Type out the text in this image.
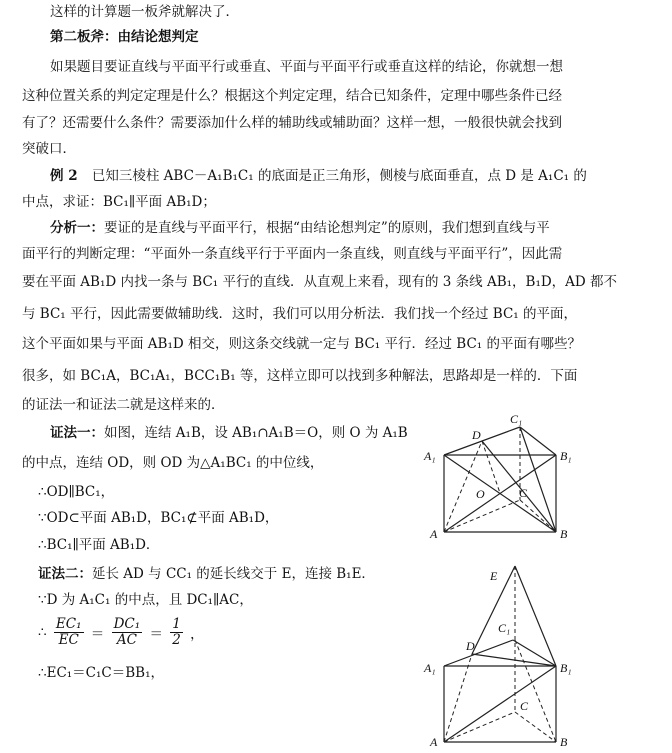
这样的计算题一板斧就解决了．
第二板斧：由结论想判定
如果题目要证直线与平面平行或垂直、平面与平面平行或垂直这样的结论，你就想一想
这种位置关系的判定定理是什么？根据这个判定定理，结合已知条件，定理中哪些条件已经
有了？还需要什么条件？需要添加什么样的辅助线或辅助面？这样一想，一般很快就会找到
突破口．
例 2 已知三棱柱 ABC－A₁B₁C₁ 的底面是正三角形，侧棱与底面垂直，点 D 是 A₁C₁ 的
中点，求证：BC₁∥平面 AB₁D；
分析一：要证的是直线与平面平行，根据“由结论想判定”的原则，我们想到直线与平
面平行的判断定理：“平面外一条直线平行于平面内一条直线，则直线与平面平行”，因此需
要在平面 AB₁D 内找一条与 BC₁ 平行的直线．从直观上来看，现有的 3 条线 AB₁，B₁D，AD 都不
与 BC₁ 平行，因此需要做辅助线．这时，我们可以用分析法．我们找一个经过 BC₁ 的平面，
这个平面如果与平面 AB₁D 相交，则这条交线就一定与 BC₁ 平行．经过 BC₁ 的平面有哪些？
很多，如 BC₁A，BC₁A₁，BCC₁B₁ 等，这样立即可以找到多种解法，思路却是一样的．下面
的证法一和证法二就是这样来的．
证法一：如图，连结 A₁B，设 AB₁∩A₁B＝O，则 O 为 A₁B
的中点，连结 OD，则 OD 为△A₁BC₁ 的中位线，
∴OD∥BC₁，
∵OD⊂平面 AB₁D，BC₁⊄平面 AB₁D，
∴BC₁∥平面 AB₁D．
证法二：延长 AD 与 CC₁ 的延长线交于 E，连接 B₁E．
∵D 为 A₁C₁ 的中点，且 DC₁∥AC，
∴ $\frac{\text{EC₁}}{EC} = \frac{\text{DC₁}}{AC} = \frac{1}{2}$ ，
∴EC₁＝C₁C＝BB₁，
C₁
D
A₁	B₁
O	C
A	B
E
C₁
D
A₁	B₁
C
A	B
